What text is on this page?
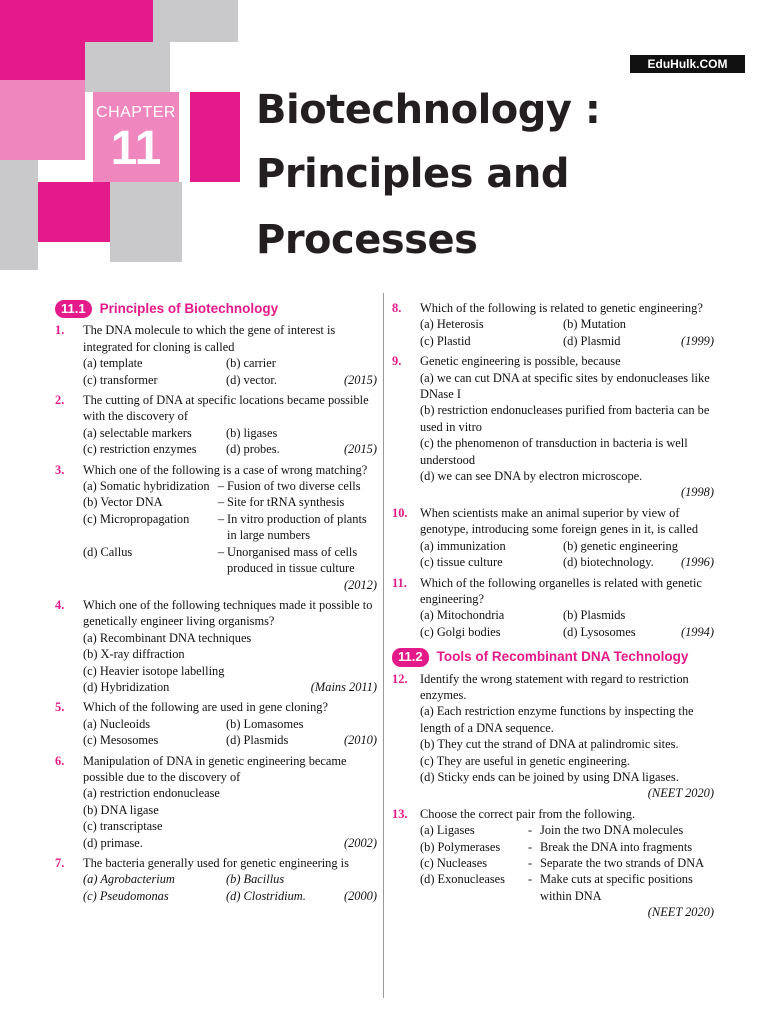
CHAPTER
11
EduHulk.COM
Biotechnology :
Principles and
Processes
11.1	Principles of Biotechnology
1. The DNA molecule to which the gene of interest is integrated for cloning is called
(a) template	(b) carrier
(c) transformer	(d) vector.	(2015)
2. The cutting of DNA at specific locations became possible with the discovery of
(a) selectable markers	(b) ligases
(c) restriction enzymes	(d) probes.	(2015)
3. Which one of the following is a case of wrong matching?
(a) Somatic hybridization – Fusion of two diverse cells
(b) Vector DNA	– Site for tRNA synthesis
(c) Micropropagation	– In vitro production of plants in large numbers
(d) Callus	– Unorganised mass of cells produced in tissue culture
(2012)
4. Which one of the following techniques made it possible to genetically engineer living organisms?
(a) Recombinant DNA techniques
(b) X-ray diffraction
(c) Heavier isotope labelling
(d) Hybridization	(Mains 2011)
5. Which of the following are used in gene cloning?
(a) Nucleoids	(b) Lomasomes
(c) Mesosomes	(d) Plasmids	(2010)
6. Manipulation of DNA in genetic engineering became possible due to the discovery of
(a) restriction endonuclease
(b) DNA ligase
(c) transcriptase
(d) primase.	(2002)
7. The bacteria generally used for genetic engineering is
(a) Agrobacterium	(b) Bacillus
(c) Pseudomonas	(d) Clostridium.	(2000)
8. Which of the following is related to genetic engineering?
(a) Heterosis	(b) Mutation
(c) Plastid	(d) Plasmid	(1999)
9. Genetic engineering is possible, because
(a) we can cut DNA at specific sites by endonucleases like DNase I
(b) restriction endonucleases purified from bacteria can be used in vitro
(c) the phenomenon of transduction in bacteria is well understood
(d) we can see DNA by electron microscope.
(1998)
10. When scientists make an animal superior by view of genotype, introducing some foreign genes in it, is called
(a) immunization	(b) genetic engineering
(c) tissue culture	(d) biotechnology. (1996)
11. Which of the following organelles is related with genetic engineering?
(a) Mitochondria	(b) Plasmids
(c) Golgi bodies	(d) Lysosomes	(1994)
11.2	Tools of Recombinant DNA Technology
12. Identify the wrong statement with regard to restriction enzymes.
(a) Each restriction enzyme functions by inspecting the length of a DNA sequence.
(b) They cut the strand of DNA at palindromic sites.
(c) They are useful in genetic engineering.
(d) Sticky ends can be joined by using DNA ligases.
(NEET 2020)
13. Choose the correct pair from the following.
(a) Ligases	- Join the two DNA molecules
(b) Polymerases	- Break the DNA into fragments
(c) Nucleases	- Separate the two strands of DNA
(d) Exonucleases	- Make cuts at specific positions within DNA
(NEET 2020)
